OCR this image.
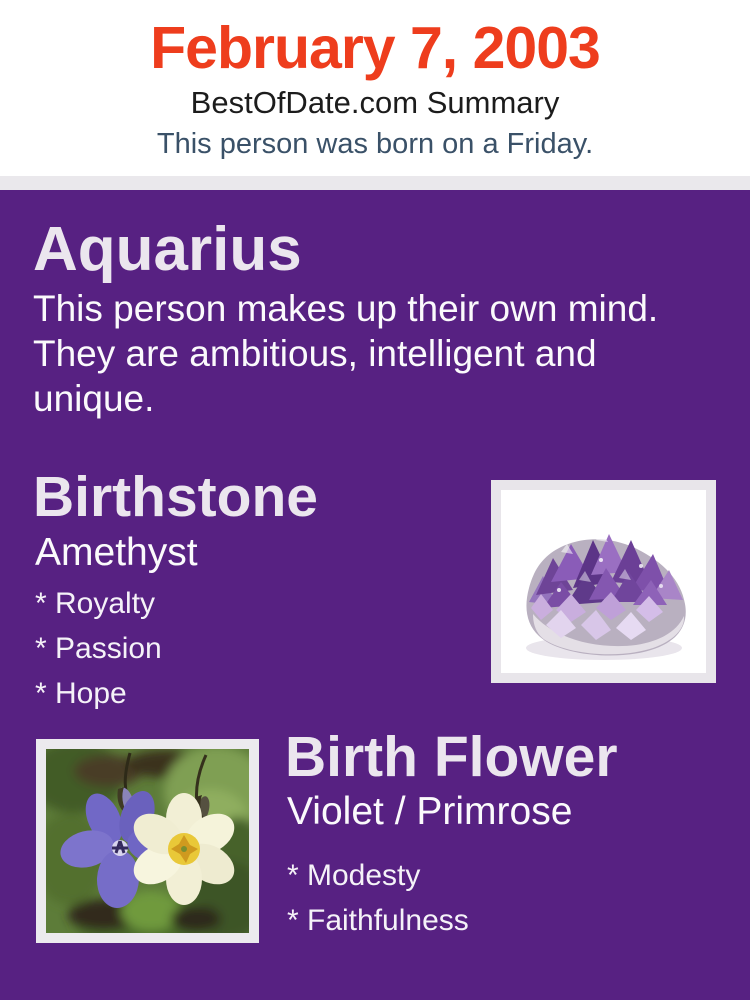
February 7, 2003
BestOfDate.com Summary
This person was born on a Friday.
Aquarius

This person makes up their own mind. They are ambitious, intelligent and unique.

Birthstone
Amethyst
* Royalty
* Passion
* Hope
Birth Flower
Violet / Primrose
* Modesty
* Faithfulness
